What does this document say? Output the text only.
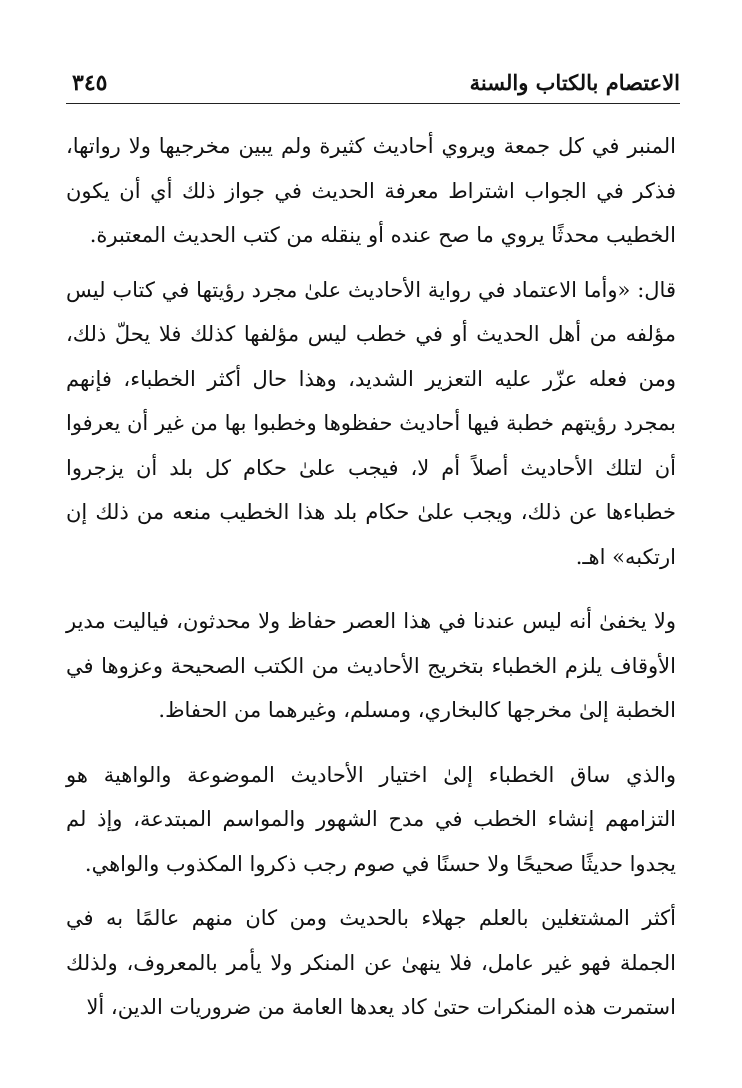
الاعتصام بالكتاب والسنة
٣٤٥

المنبر في كل جمعة ويروي أحاديث كثيرة ولم يبين مخرجيها ولا رواتها، فذكر في الجواب اشتراط معرفة الحديث في جواز ذلك أي أن يكون الخطيب محدثًا يروي ما صح عنده أو ينقله من كتب الحديث المعتبرة.

قال: «وأما الاعتماد في رواية الأحاديث علىٰ مجرد رؤيتها في كتاب ليس مؤلفه من أهل الحديث أو في خطب ليس مؤلفها كذلك فلا يحلّ ذلك، ومن فعله عزّر عليه التعزير الشديد، وهذا حال أكثر الخطباء، فإنهم بمجرد رؤيتهم خطبة فيها أحاديث حفظوها وخطبوا بها من غير أن يعرفوا أن لتلك الأحاديث أصلاً أم لا، فيجب علىٰ حكام كل بلد أن يزجروا خطباءها عن ذلك، ويجب علىٰ حكام بلد هذا الخطيب منعه من ذلك إن ارتكبه» اهـ.

ولا يخفىٰ أنه ليس عندنا في هذا العصر حفاظ ولا محدثون، فياليت مدير الأوقاف يلزم الخطباء بتخريج الأحاديث من الكتب الصحيحة وعزوها في الخطبة إلىٰ مخرجها كالبخاري، ومسلم، وغيرهما من الحفاظ.

والذي ساق الخطباء إلىٰ اختيار الأحاديث الموضوعة والواهية هو التزامهم إنشاء الخطب في مدح الشهور والمواسم المبتدعة، وإذ لم يجدوا حديثًا صحيحًا ولا حسنًا في صوم رجب ذكروا المكذوب والواهي.

أكثر المشتغلين بالعلم جهلاء بالحديث ومن كان منهم عالمًا به في الجملة فهو غير عامل، فلا ينهىٰ عن المنكر ولا يأمر بالمعروف، ولذلك استمرت هذه المنكرات حتىٰ كاد يعدها العامة من ضروريات الدين، ألا
